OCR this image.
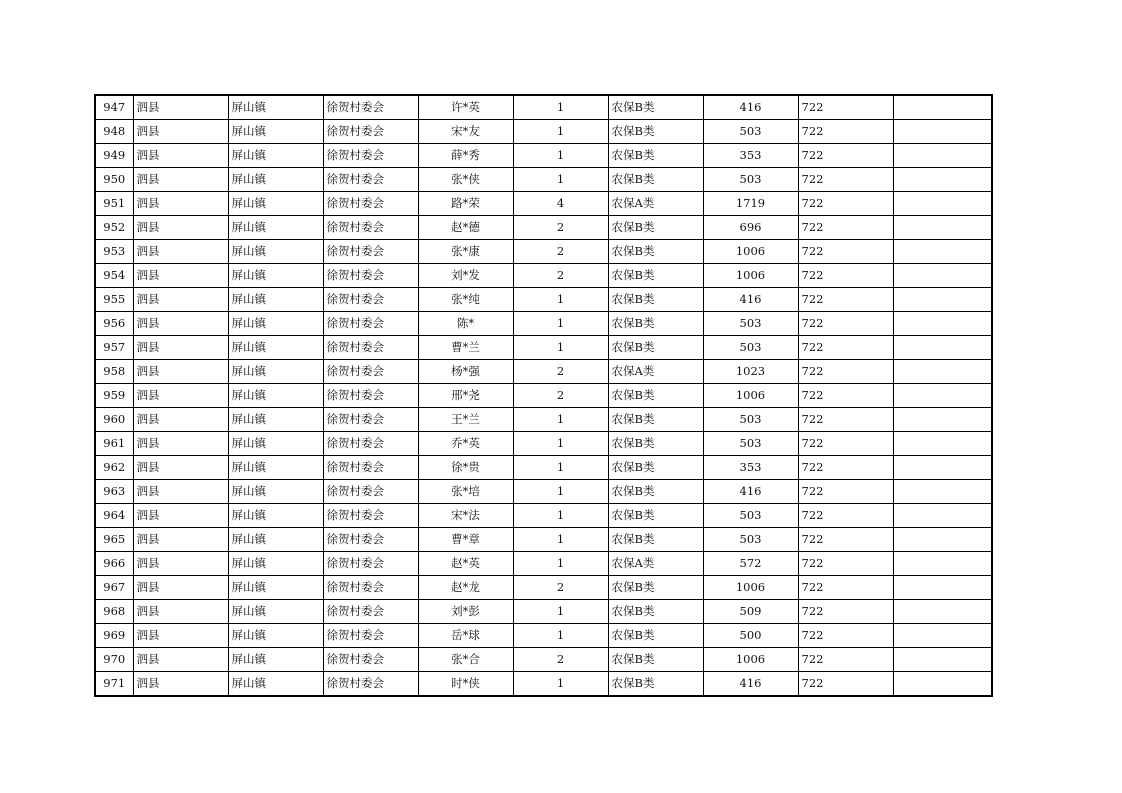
947	泗县	屏山镇	徐贺村委会	许*英	1	农保B类	416	722	
948	泗县	屏山镇	徐贺村委会	宋*友	1	农保B类	503	722	
949	泗县	屏山镇	徐贺村委会	薛*秀	1	农保B类	353	722	
950	泗县	屏山镇	徐贺村委会	张*侠	1	农保B类	503	722	
951	泗县	屏山镇	徐贺村委会	路*荣	4	农保A类	1719	722	
952	泗县	屏山镇	徐贺村委会	赵*德	2	农保B类	696	722	
953	泗县	屏山镇	徐贺村委会	张*康	2	农保B类	1006	722	
954	泗县	屏山镇	徐贺村委会	刘*发	2	农保B类	1006	722	
955	泗县	屏山镇	徐贺村委会	张*纯	1	农保B类	416	722	
956	泗县	屏山镇	徐贺村委会	陈*	1	农保B类	503	722	
957	泗县	屏山镇	徐贺村委会	曹*兰	1	农保B类	503	722	
958	泗县	屏山镇	徐贺村委会	杨*强	2	农保A类	1023	722	
959	泗县	屏山镇	徐贺村委会	邢*尧	2	农保B类	1006	722	
960	泗县	屏山镇	徐贺村委会	王*兰	1	农保B类	503	722	
961	泗县	屏山镇	徐贺村委会	乔*英	1	农保B类	503	722	
962	泗县	屏山镇	徐贺村委会	徐*贵	1	农保B类	353	722	
963	泗县	屏山镇	徐贺村委会	张*培	1	农保B类	416	722	
964	泗县	屏山镇	徐贺村委会	宋*法	1	农保B类	503	722	
965	泗县	屏山镇	徐贺村委会	曹*章	1	农保B类	503	722	
966	泗县	屏山镇	徐贺村委会	赵*英	1	农保A类	572	722	
967	泗县	屏山镇	徐贺村委会	赵*龙	2	农保B类	1006	722	
968	泗县	屏山镇	徐贺村委会	刘*彭	1	农保B类	509	722	
969	泗县	屏山镇	徐贺村委会	岳*球	1	农保B类	500	722	
970	泗县	屏山镇	徐贺村委会	张*合	2	农保B类	1006	722	
971	泗县	屏山镇	徐贺村委会	时*侠	1	农保B类	416	722	
